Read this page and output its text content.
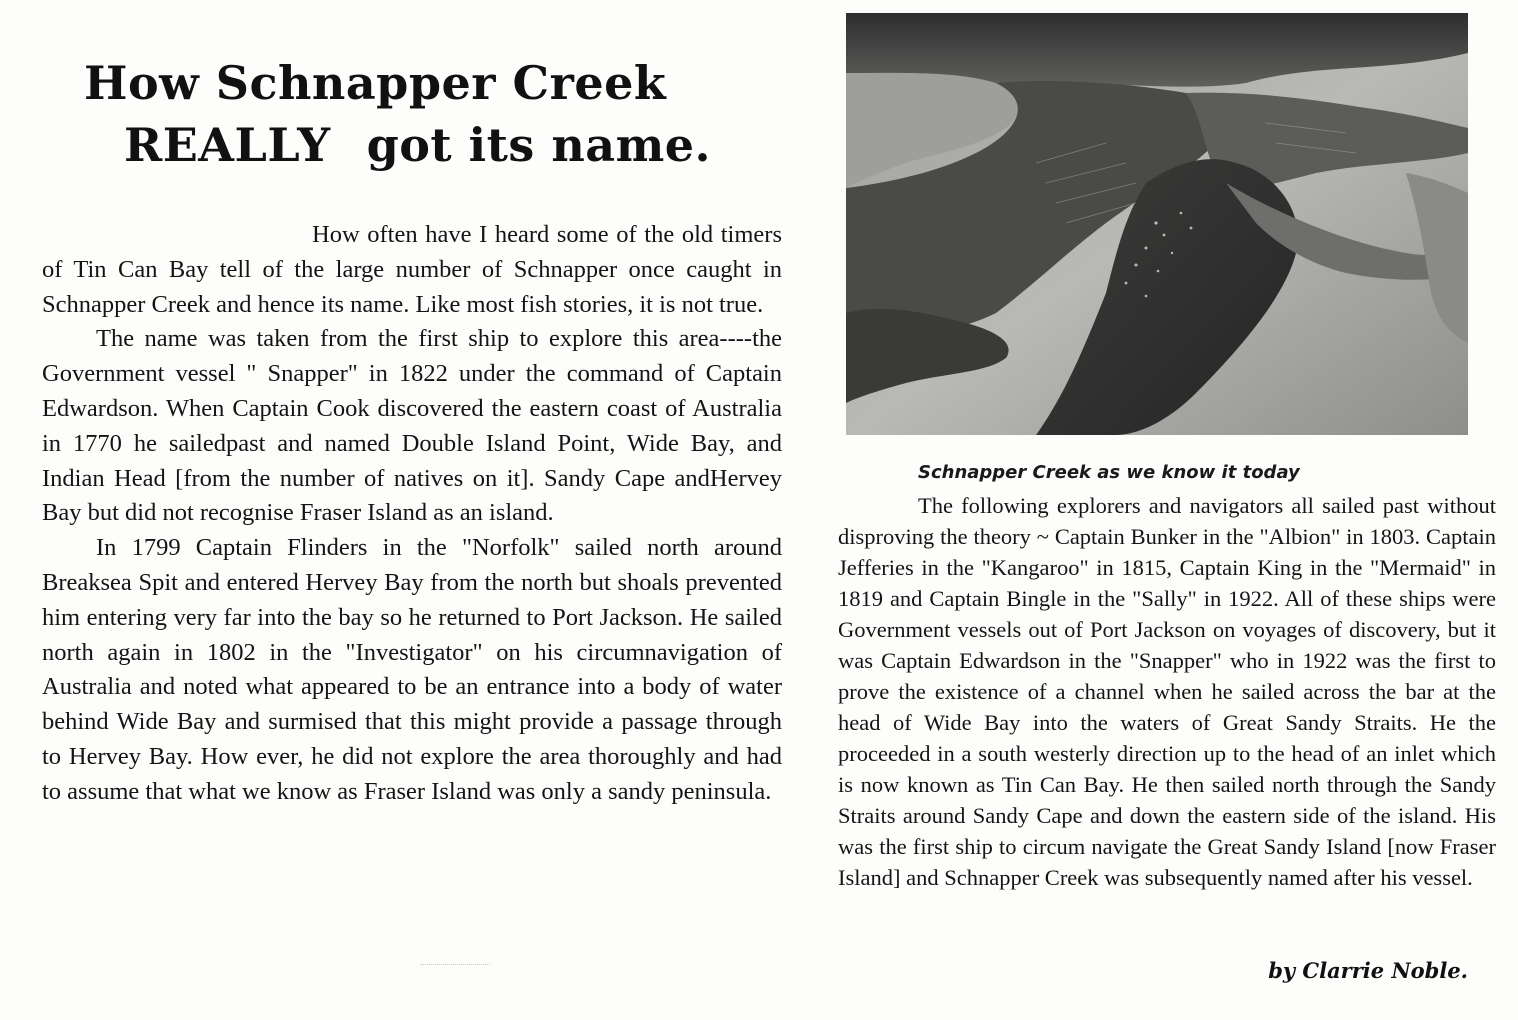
How Schnapper Creek
REALLY got its name.

How often have I heard some of the old timers of Tin Can Bay tell of the large number of Schnapper once caught in Schnapper Creek and hence its name. Like most fish stories, it is not true.

The name was taken from the first ship to explore this area----the Government vessel " Snapper" in 1822 under the command of Captain Edwardson. When Captain Cook discovered the eastern coast of Australia in 1770 he sailedpast and named Double Island Point, Wide Bay, and Indian Head [from the number of natives on it]. Sandy Cape andHervey Bay but did not recognise Fraser Island as an island.

In 1799 Captain Flinders in the "Norfolk" sailed north around Breaksea Spit and entered Hervey Bay from the north but shoals prevented him entering very far into the bay so he returned to Port Jackson. He sailed north again in 1802 in the "Investigator" on his circumnavigation of Australia and noted what appeared to be an entrance into a body of water behind Wide Bay and surmised that this might provide a passage through to Hervey Bay. How ever, he did not explore the area thoroughly and had to assume that what we know as Fraser Island was only a sandy peninsula.

Schnapper Creek as we know it today

The following explorers and navigators all sailed past without disproving the theory ~ Captain Bunker in the "Albion" in 1803. Captain Jefferies in the "Kangaroo" in 1815, Captain King in the "Mermaid" in 1819 and Captain Bingle in the "Sally" in 1922. All of these ships were Government vessels out of Port Jackson on voyages of discovery, but it was Captain Edwardson in the "Snapper" who in 1922 was the first to prove the existence of a channel when he sailed across the bar at the head of Wide Bay into the waters of Great Sandy Straits. He the proceeded in a south westerly direction up to the head of an inlet which is now known as Tin Can Bay. He then sailed north through the Sandy Straits around Sandy Cape and down the eastern side of the island. His was the first ship to circum navigate the Great Sandy Island [now Fraser Island] and Schnapper Creek was subsequently named after his vessel.

by Clarrie Noble.
